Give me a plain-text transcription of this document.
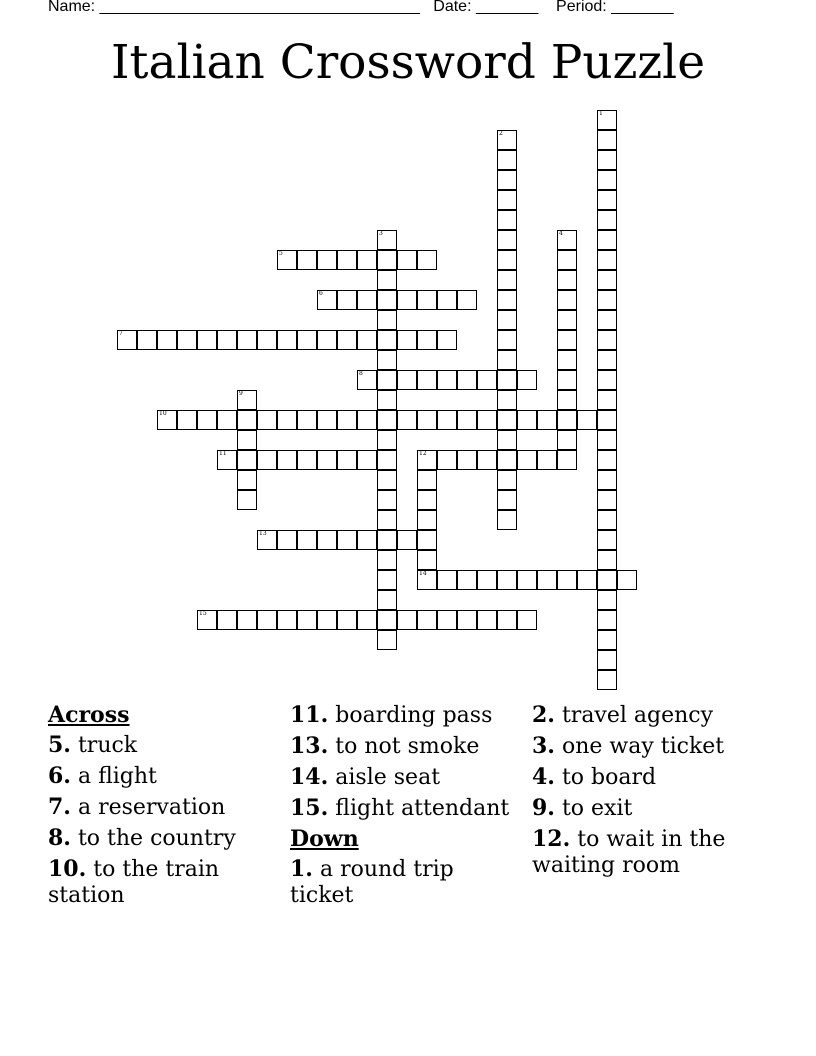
Name: ____________________________________ Date: _______ Period: _______
Italian Crossword Puzzle
5
6
7
8
10
11	12
13
14
15
1
2
3	4
9

Across

5. truck

6. a flight

7. a reservation

8. to the country

10. to the train station

11. boarding pass

13. to not smoke

14. aisle seat

15. flight attendant

Down

1. a round trip ticket

2. travel agency

3. one way ticket

4. to board

9. to exit

12. to wait in the waiting room
